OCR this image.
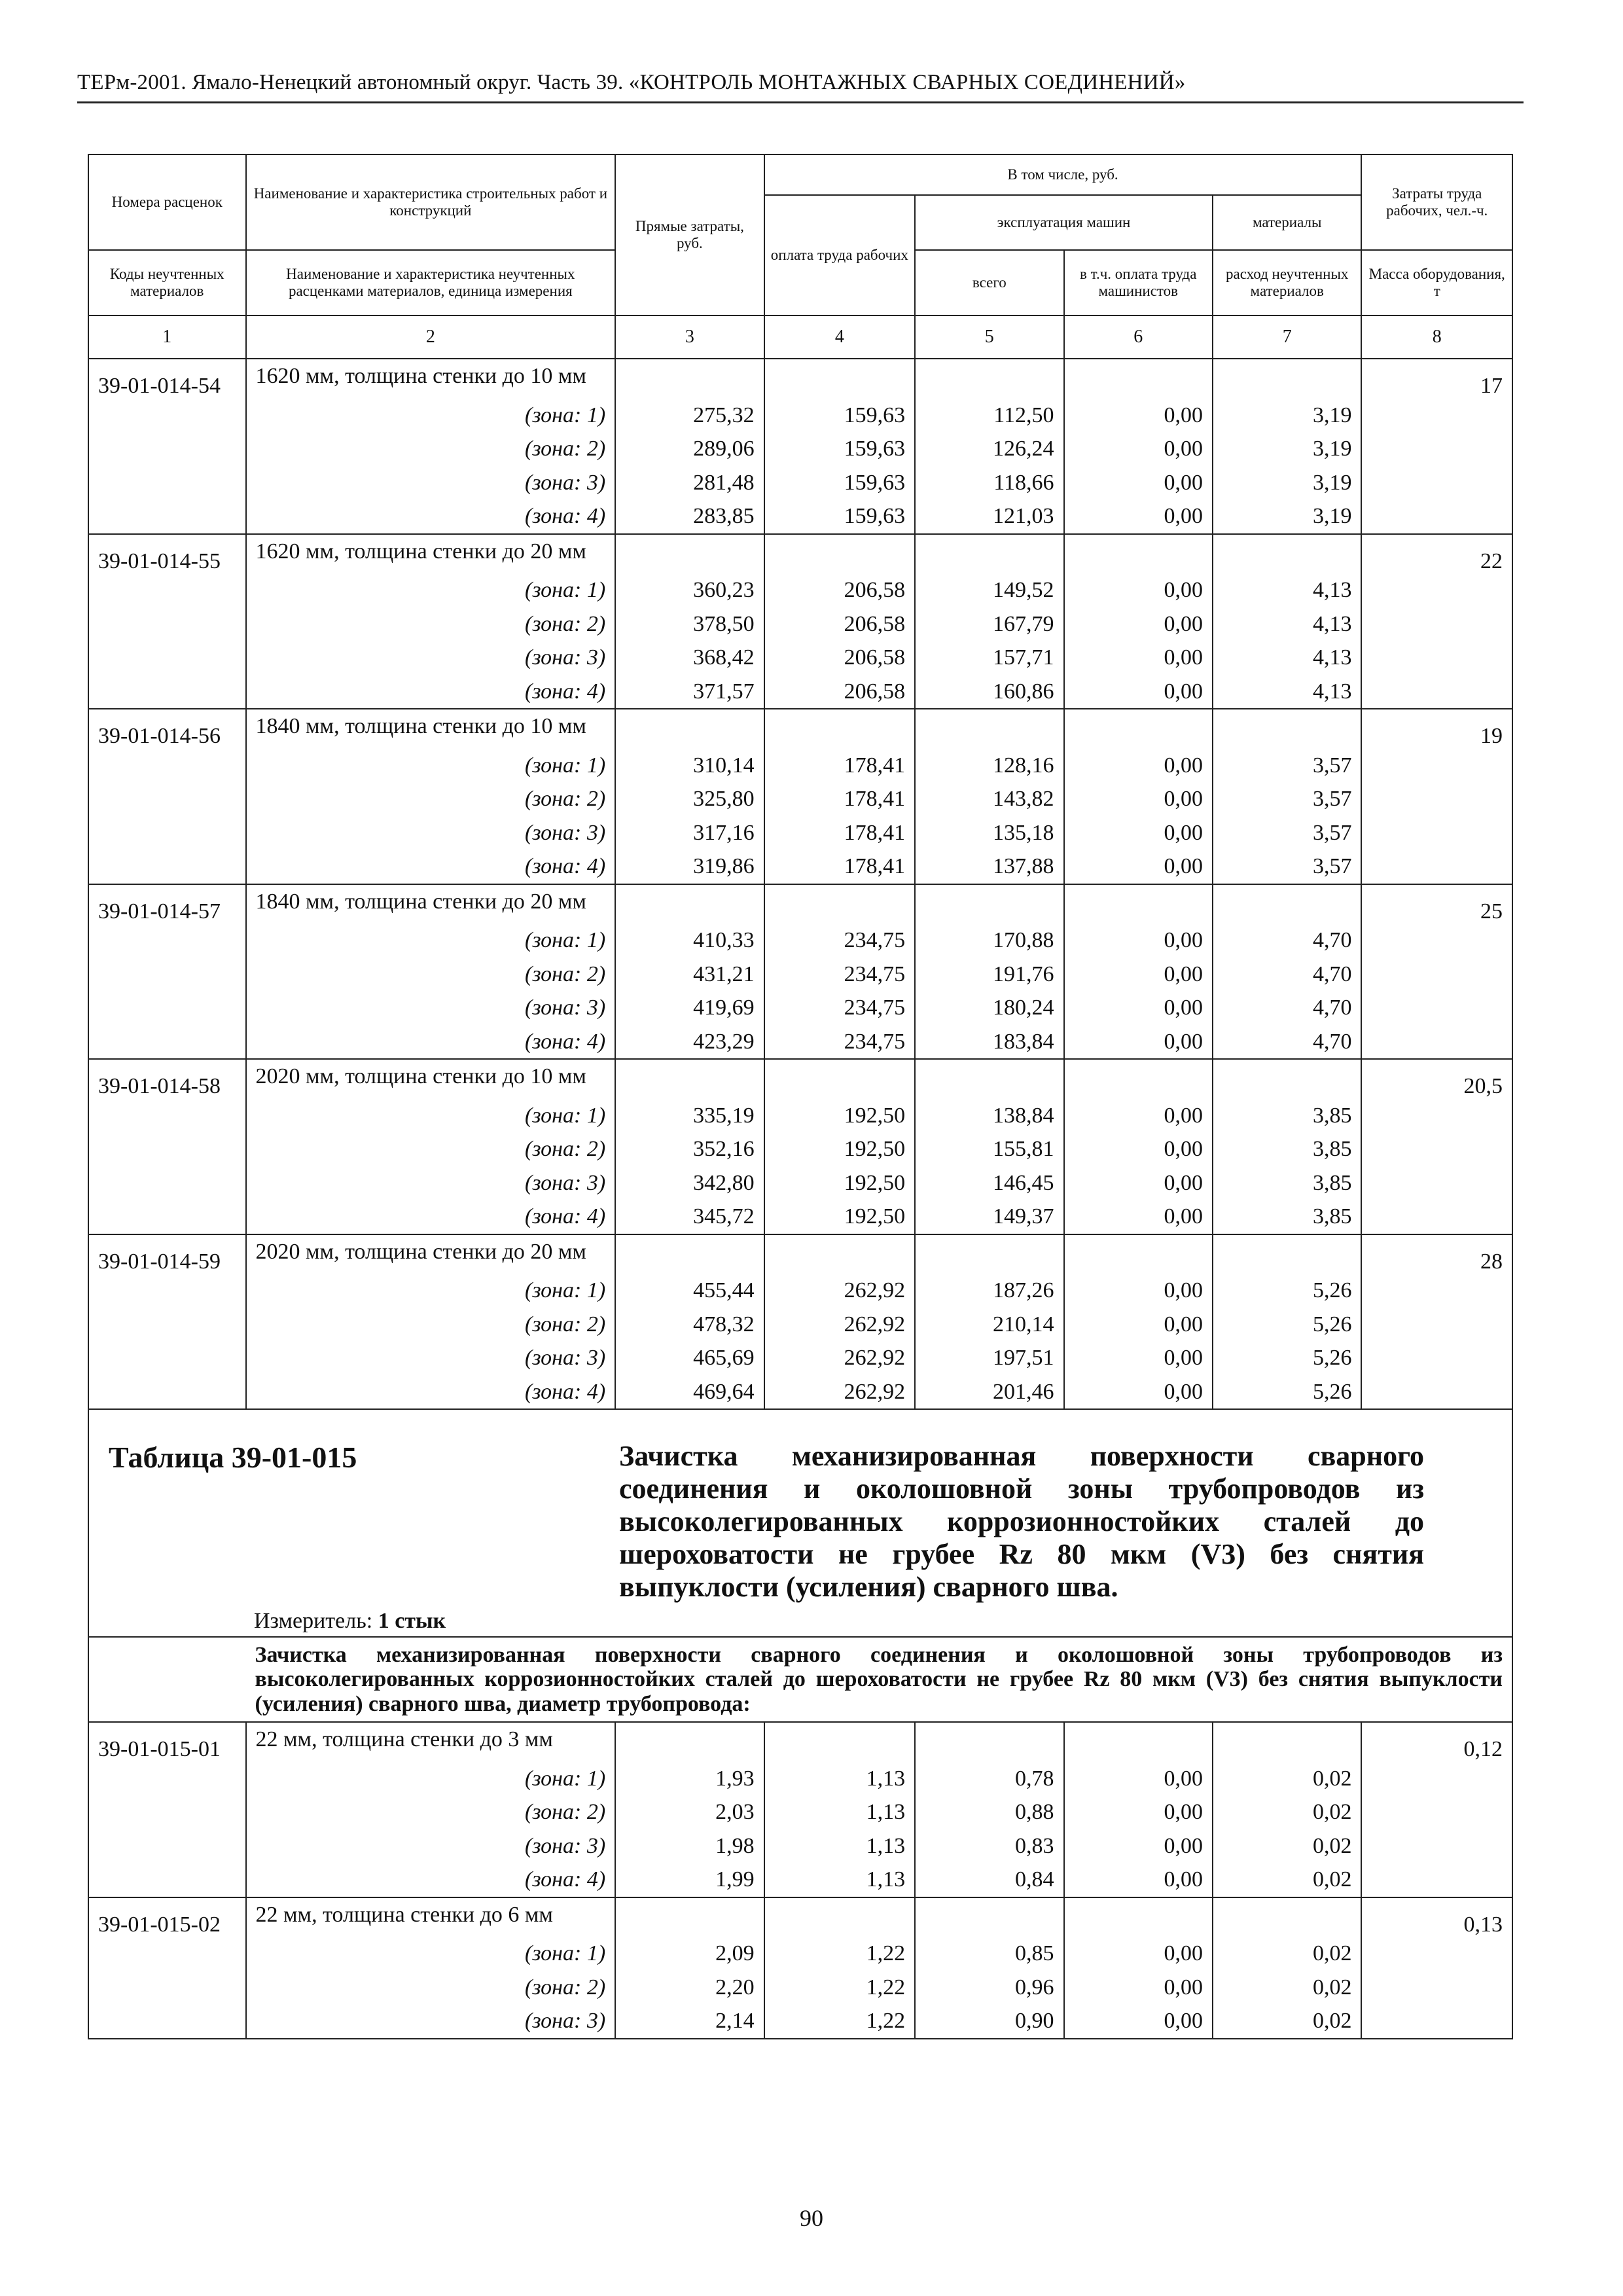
ТЕРм-2001. Ямало-Ненецкий автономный округ. Часть 39. «КОНТРОЛЬ МОНТАЖНЫХ СВАРНЫХ СОЕДИНЕНИЙ»
Номера расценок	Наименование и характеристика строительных работ и конструкций	Прямые затраты, руб.	В том числе, руб.				Затраты труда рабочих, чел.-ч.
			оплата труда рабочих	эксплуатация машин		материалы	
Коды неучтенных материалов	Наименование и характеристика неучтенных расценками материалов, единица измерения			всего	в т.ч. оплата труда машинистов	расход неучтенных материалов	Масса оборудования, т
1	2	3	4	5	6	7	8
39-01-014-54	1620 мм, толщина стенки до 10 мм						17
	(зона: 1)	275,32	159,63	112,50	0,00	3,19	
	(зона: 2)	289,06	159,63	126,24	0,00	3,19	
	(зона: 3)	281,48	159,63	118,66	0,00	3,19	
	(зона: 4)	283,85	159,63	121,03	0,00	3,19	
39-01-014-55	1620 мм, толщина стенки до 20 мм						22
	(зона: 1)	360,23	206,58	149,52	0,00	4,13	
	(зона: 2)	378,50	206,58	167,79	0,00	4,13	
	(зона: 3)	368,42	206,58	157,71	0,00	4,13	
	(зона: 4)	371,57	206,58	160,86	0,00	4,13	
39-01-014-56	1840 мм, толщина стенки до 10 мм						19
	(зона: 1)	310,14	178,41	128,16	0,00	3,57	
	(зона: 2)	325,80	178,41	143,82	0,00	3,57	
	(зона: 3)	317,16	178,41	135,18	0,00	3,57	
	(зона: 4)	319,86	178,41	137,88	0,00	3,57	
39-01-014-57	1840 мм, толщина стенки до 20 мм						25
	(зона: 1)	410,33	234,75	170,88	0,00	4,70	
	(зона: 2)	431,21	234,75	191,76	0,00	4,70	
	(зона: 3)	419,69	234,75	180,24	0,00	4,70	
	(зона: 4)	423,29	234,75	183,84	0,00	4,70	
39-01-014-58	2020 мм, толщина стенки до 10 мм						20,5
	(зона: 1)	335,19	192,50	138,84	0,00	3,85	
	(зона: 2)	352,16	192,50	155,81	0,00	3,85	
	(зона: 3)	342,80	192,50	146,45	0,00	3,85	
	(зона: 4)	345,72	192,50	149,37	0,00	3,85	
39-01-014-59	2020 мм, толщина стенки до 20 мм						28
	(зона: 1)	455,44	262,92	187,26	0,00	5,26	
	(зона: 2)	478,32	262,92	210,14	0,00	5,26	
	(зона: 3)	465,69	262,92	197,51	0,00	5,26	
	(зона: 4)	469,64	262,92	201,46	0,00	5,26	

Таблица 39-01-015 Зачистка механизированная поверхности сварного соединения и околошовной зоны трубопроводов из высоколегированных коррозионностойких сталей до шероховатости не грубее Rz 80 мкм (V3) без снятия выпуклости (усиления) сварного шва.
Измеритель: 1 стык							

	Зачистка механизированная поверхности сварного соединения и околошовной зоны трубопроводов из высоколегированных коррозионностойких сталей до шероховатости не грубее Rz 80 мкм (V3) без снятия выпуклости (усиления) сварного шва, диаметр трубопровода:						
39-01-015-01	22 мм, толщина стенки до 3 мм						0,12
	(зона: 1)	1,93	1,13	0,78	0,00	0,02	
	(зона: 2)	2,03	1,13	0,88	0,00	0,02	
	(зона: 3)	1,98	1,13	0,83	0,00	0,02	
	(зона: 4)	1,99	1,13	0,84	0,00	0,02	
39-01-015-02	22 мм, толщина стенки до 6 мм						0,13
	(зона: 1)	2,09	1,22	0,85	0,00	0,02	
	(зона: 2)	2,20	1,22	0,96	0,00	0,02	
	(зона: 3)	2,14	1,22	0,90	0,00	0,02	
90
